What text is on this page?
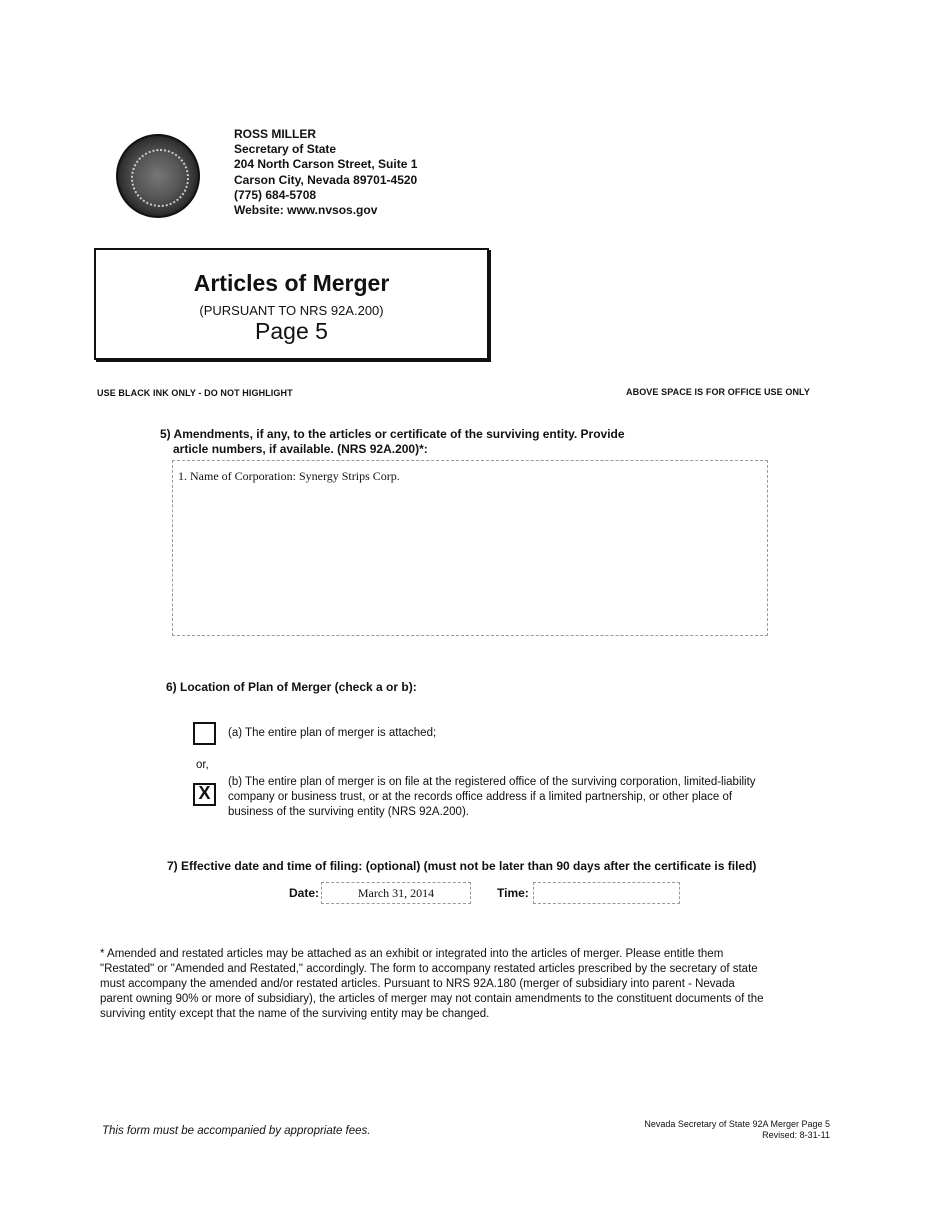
ROSS MILLER
Secretary of State
204 North Carson Street, Suite 1
Carson City, Nevada 89701-4520
(775) 684-5708
Website: www.nvsos.gov
Articles of Merger
(PURSUANT TO NRS 92A.200)
Page 5
USE BLACK INK ONLY - DO NOT HIGHLIGHT	ABOVE SPACE IS FOR OFFICE USE ONLY
5) Amendments, if any, to the articles or certificate of the surviving entity. Provide
article numbers, if available. (NRS 92A.200)*:
1. Name of Corporation: Synergy Strips Corp.
6) Location of Plan of Merger (check a or b):
(a) The entire plan of merger is attached;
or,
X
(b) The entire plan of merger is on file at the registered office of the surviving corporation, limited-liability
company or business trust, or at the records office address if a limited partnership, or other place of
business of the surviving entity (NRS 92A.200).
7) Effective date and time of filing: (optional) (must not be later than 90 days after the certificate is filed)
Date:	March 31, 2014	Time:
* Amended and restated articles may be attached as an exhibit or integrated into the articles of merger. Please entitle them
"Restated" or "Amended and Restated," accordingly. The form to accompany restated articles prescribed by the secretary of state
must accompany the amended and/or restated articles. Pursuant to NRS 92A.180 (merger of subsidiary into parent - Nevada
parent owning 90% or more of subsidiary), the articles of merger may not contain amendments to the constituent documents of the
surviving entity except that the name of the surviving entity may be changed.
This form must be accompanied by appropriate fees.
Nevada Secretary of State 92A Merger Page 5
Revised: 8-31-11
